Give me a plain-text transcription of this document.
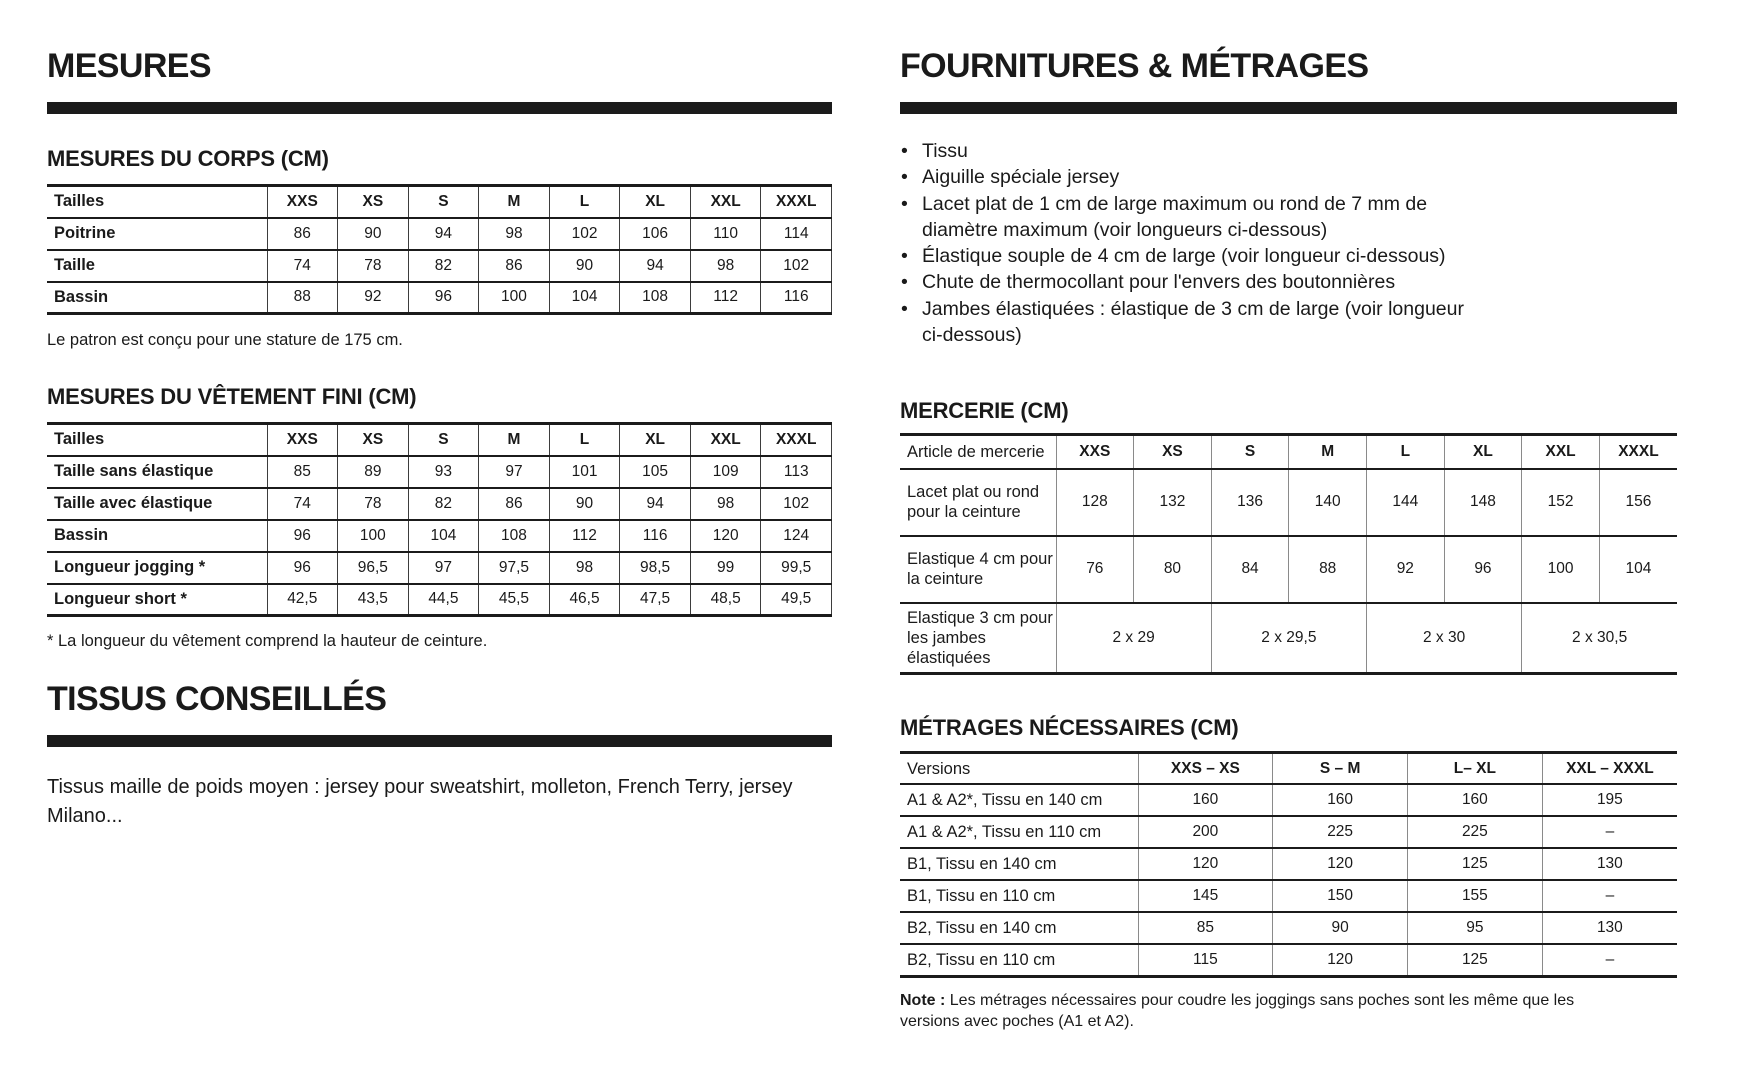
MESURES
MESURES DU CORPS (CM)
Tailles	XXS	XS	S	M	L	XL	XXL	XXXL
Poitrine	86	90	94	98	102	106	110	114
Taille	74	78	82	86	90	94	98	102
Bassin	88	92	96	100	104	108	112	116

Le patron est conçu pour une stature de 175 cm.

MESURES DU VÊTEMENT FINI (CM)
Tailles	XXS	XS	S	M	L	XL	XXL	XXXL
Taille sans élastique	85	89	93	97	101	105	109	113
Taille avec élastique	74	78	82	86	90	94	98	102
Bassin	96	100	104	108	112	116	120	124
Longueur jogging *	96	96,5	97	97,5	98	98,5	99	99,5
Longueur short *	42,5	43,5	44,5	45,5	46,5	47,5	48,5	49,5

* La longueur du vêtement comprend la hauteur de ceinture.

TISSUS CONSEILLÉS

Tissus maille de poids moyen : jersey pour sweatshirt, molleton, French Terry, jersey Milano...

FOURNITURES & MÉTRAGES
• Tissu
• Aiguille spéciale jersey
• Lacet plat de 1 cm de large maximum ou rond de 7 mm de diamètre maximum (voir longueurs ci-dessous)
• Élastique souple de 4 cm de large (voir longueur ci-dessous)
• Chute de thermocollant pour l'envers des boutonnières
• Jambes élastiquées : élastique de 3 cm de large (voir longueur ci-dessous)
MERCERIE (CM)
Article de mercerie	XXS	XS	S	M	L	XL	XXL	XXXL
Lacet plat ou rond pour la ceinture	128	132	136	140	144	148	152	156
Elastique 4 cm pour la ceinture	76	80	84	88	92	96	100	104
Elastique 3 cm pour les jambes élastiquées	2 x 29		2 x 29,5		2 x 30		2 x 30,5	
MÉTRAGES NÉCESSAIRES (CM)
Versions	XXS – XS	S – M	L– XL	XXL – XXXL
A1 & A2*, Tissu en 140 cm	160	160	160	195
A1 & A2*, Tissu en 110 cm	200	225	225	–
B1, Tissu en 140 cm	120	120	125	130
B1, Tissu en 110 cm	145	150	155	–
B2, Tissu en 140 cm	85	90	95	130
B2, Tissu en 110 cm	115	120	125	–

Note : Les métrages nécessaires pour coudre les joggings sans poches sont les même que les versions avec poches (A1 et A2).
